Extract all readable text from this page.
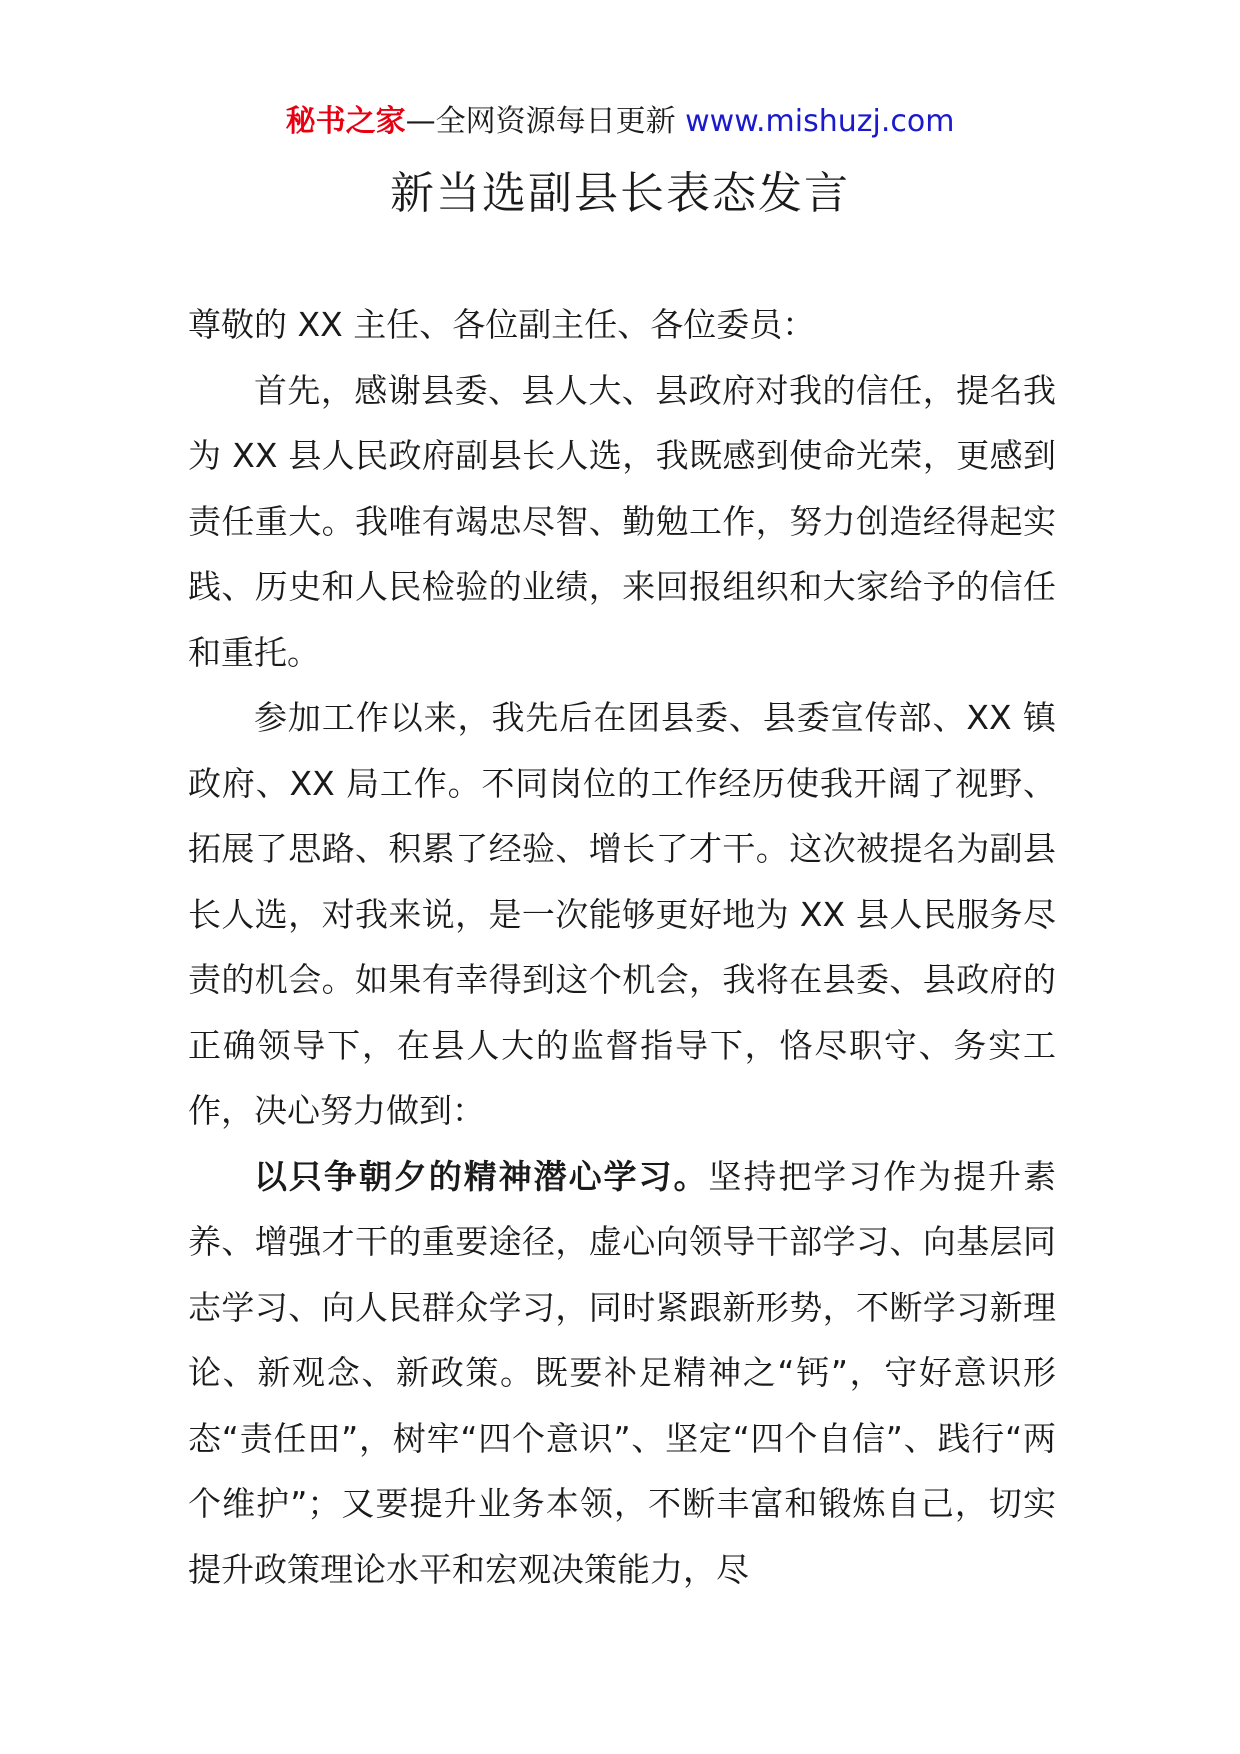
秘书之家—全网资源每日更新 www.mishuzj.com
新当选副县长表态发言

尊敬的 XX 主任、各位副主任、各位委员：

首先，感谢县委、县人大、县政府对我的信任，提名我为 XX 县人民政府副县长人选，我既感到使命光荣，更感到责任重大。我唯有竭忠尽智、勤勉工作，努力创造经得起实践、历史和人民检验的业绩，来回报组织和大家给予的信任和重托。

参加工作以来，我先后在团县委、县委宣传部、XX 镇政府、XX 局工作。不同岗位的工作经历使我开阔了视野、拓展了思路、积累了经验、增长了才干。这次被提名为副县长人选，对我来说，是一次能够更好地为 XX 县人民服务尽责的机会。如果有幸得到这个机会，我将在县委、县政府的正确领导下，在县人大的监督指导下，恪尽职守、务实工作，决心努力做到：

以只争朝夕的精神潜心学习。坚持把学习作为提升素养、增强才干的重要途径，虚心向领导干部学习、向基层同志学习、向人民群众学习，同时紧跟新形势，不断学习新理论、新观念、新政策。既要补足精神之“钙”，守好意识形态“责任田”，树牢“四个意识”、坚定“四个自信”、践行“两个维护”；又要提升业务本领，不断丰富和锻炼自己，切实提升政策理论水平和宏观决策能力，尽
